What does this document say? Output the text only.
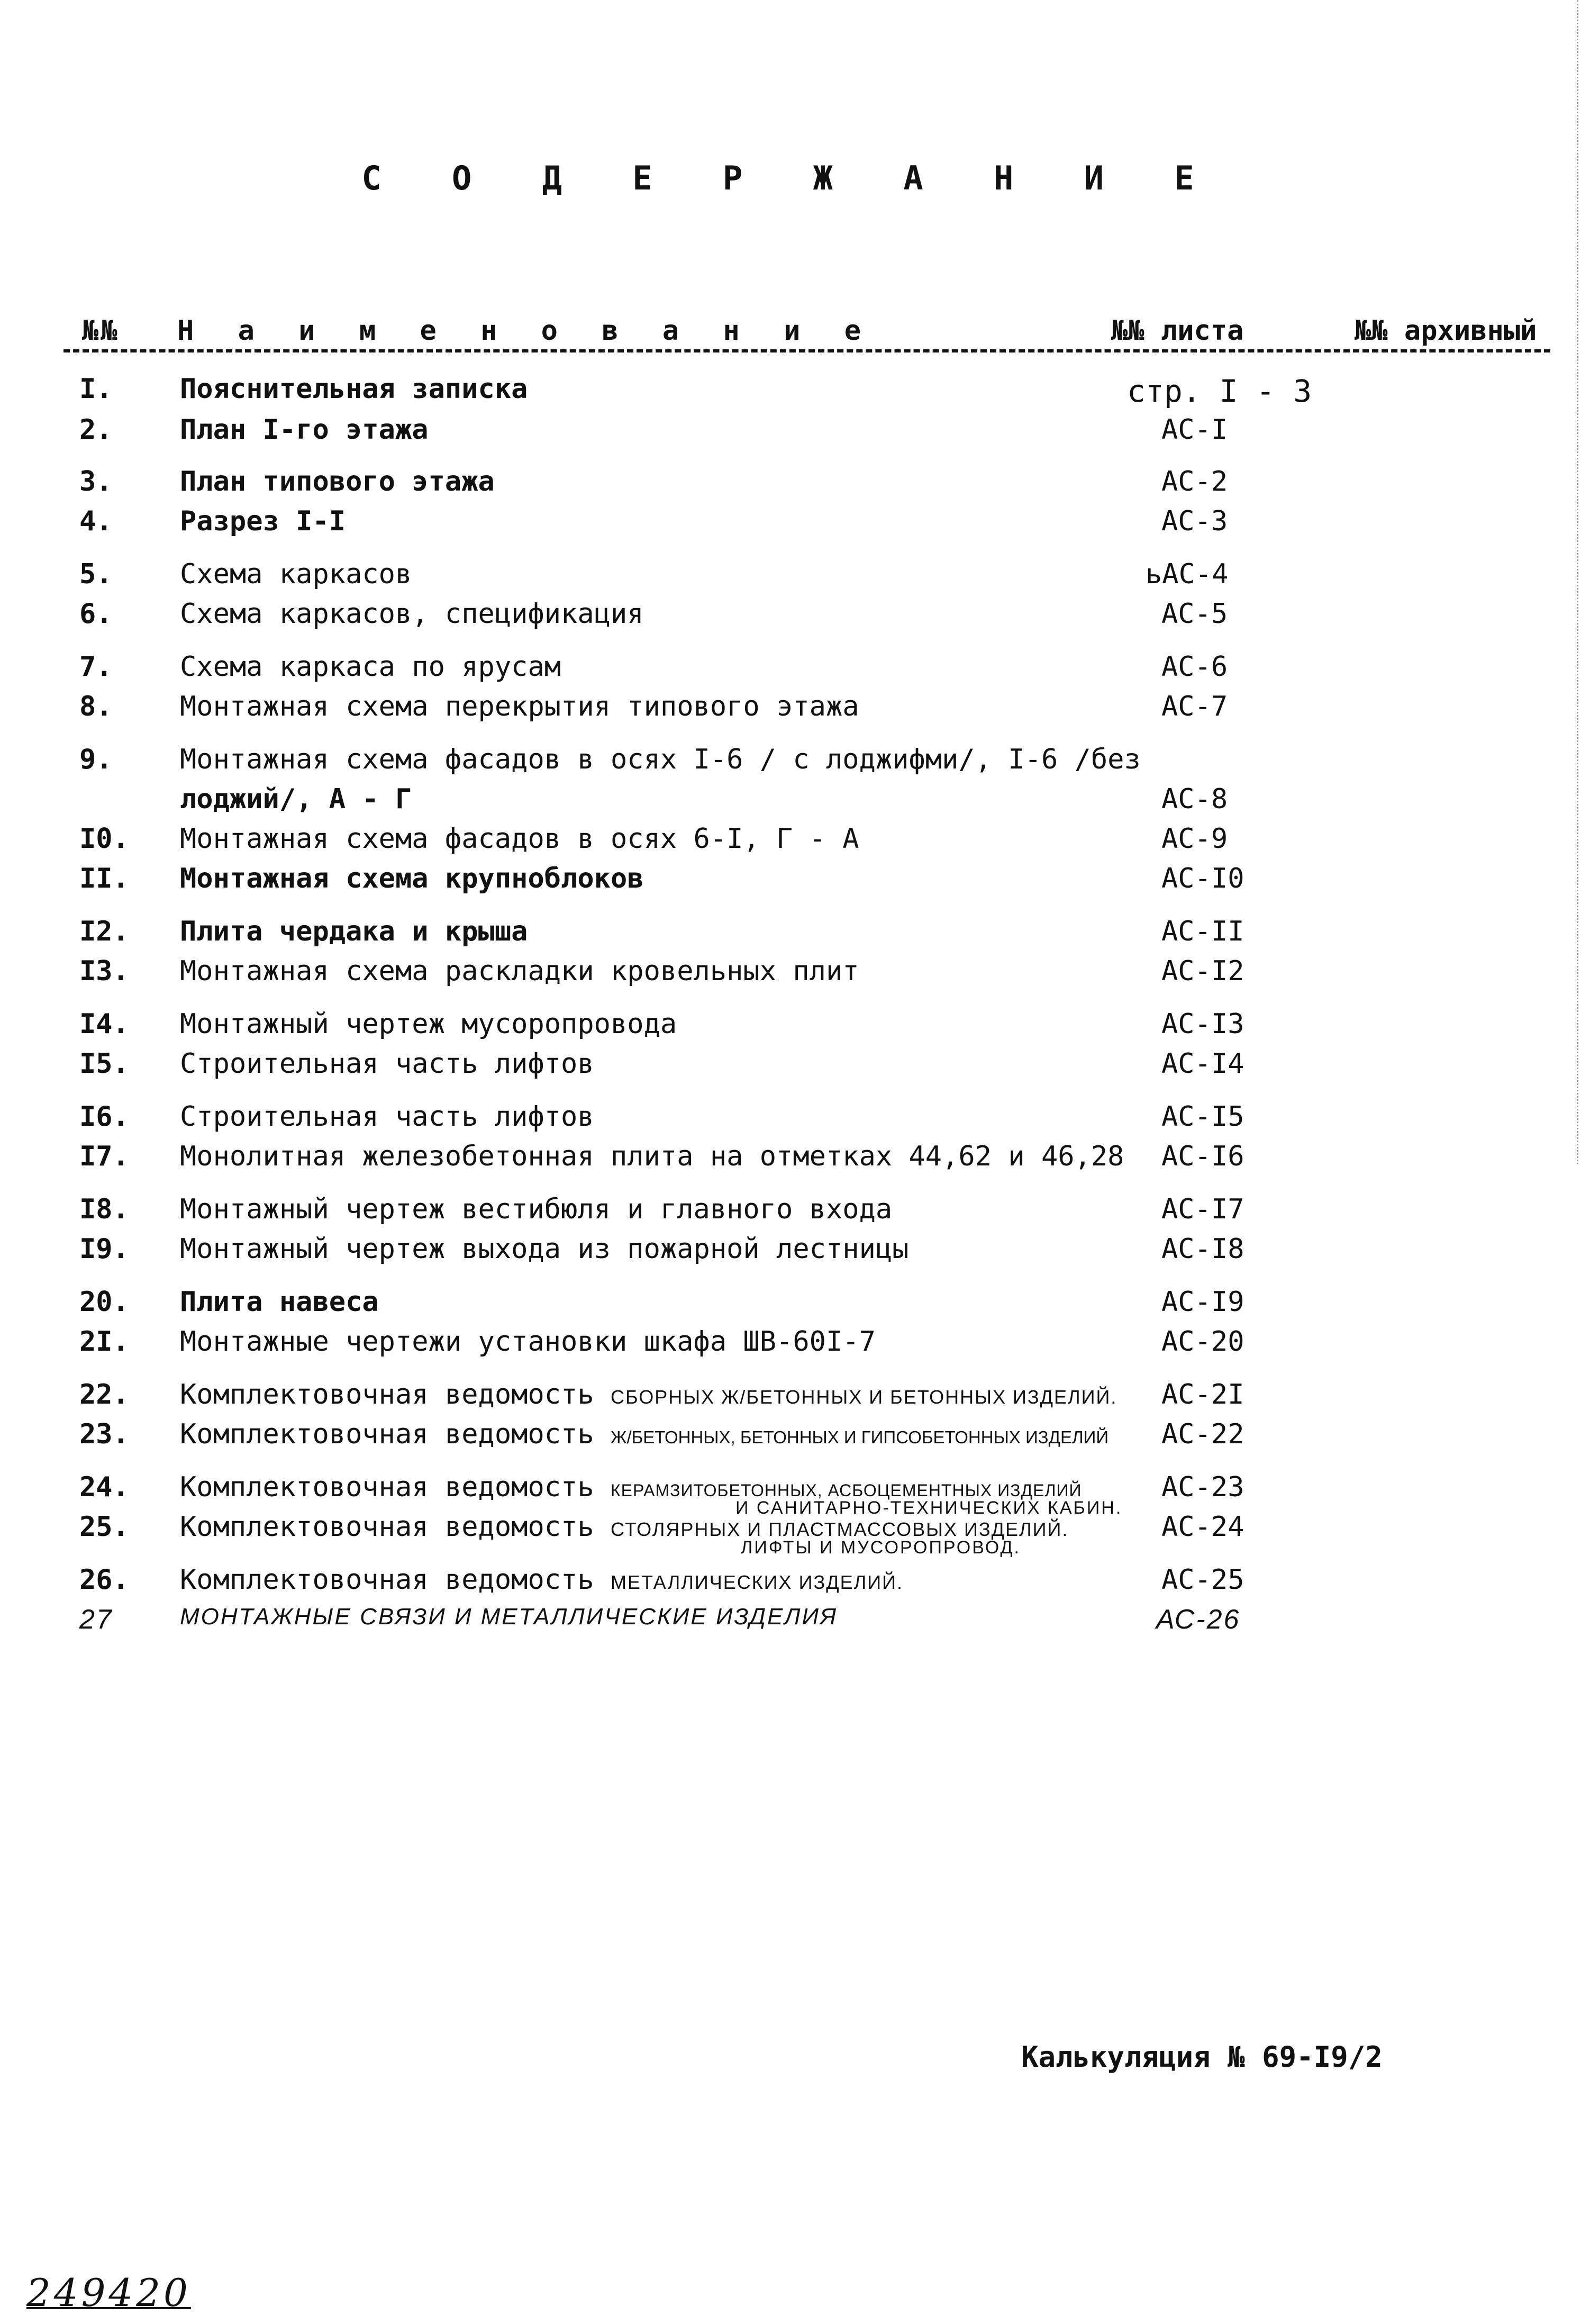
С О Д Е Р Ж А Н И Е
№№ Н а и м е н о в а н и е	№№ листа	№№ архивный
I.	Пояснительная записка	стр. I - 3
2.	План I-го этажа	АС-I
3.	План типового этажа	АС-2
4.	Разрез I-I	АС-3
5.	Схема каркасов	ьАС-4
6.	Схема каркасов, спецификация	АС-5
7.	Схема каркаса по ярусам	АС-6
8.	Монтажная схема перекрытия типового этажа	АС-7
9.	Монтажная схема фасадов в осях I-6 / с лоджифми/, I-6 /без
лоджий/, А - Г	АС-8
I0.	Монтажная схема фасадов в осях 6-I, Г - А	АС-9
II.	Монтажная схема крупноблоков	АС-I0
I2.	Плита чердака и крыша	АС-II
I3.	Монтажная схема раскладки кровельных плит	АС-I2
I4.	Монтажный чертеж мусоропровода	АС-I3
I5.	Строительная часть лифтов	АС-I4
I6.	Строительная часть лифтов	АС-I5
I7.	Монолитная железобетонная плита на отметках 44,62 и 46,28 АС-I6
I8.	Монтажный чертеж вестибюля и главного входа	АС-I7
I9.	Монтажный чертеж выхода из пожарной лестницы	АС-I8
20.	Плита навеса	АС-I9
2I.	Монтажные чертежи установки шкафа ШВ-60I-7	АС-20
22.	Комплектовочная ведомость СБОРНЫХ Ж/БЕТОННЫХ И БЕТОННЫХ ИЗДЕЛИЙ. АС-2I
23.	Комплектовочная ведомость Ж/БЕТОННЫХ, БЕТОННЫХ И ГИПСОБЕТОННЫХ ИЗДЕЛИЙ АС-22
24.	Комплектовочная ведомость КЕРАМЗИТОБЕТОННЫХ, АСБОЦЕМЕНТНЫХ ИЗДЕЛИЙ	АС-23
И САНИТАРНО-ТЕХНИЧЕСКИХ КАБИН.
25.	Комплектовочная ведомость СТОЛЯРНЫХ И ПЛАСТМАССОВЫХ ИЗДЕЛИЙ.	АС-24
ЛИФТЫ И МУСОРОПРОВОД.
26.	Комплектовочная ведомость МЕТАЛЛИЧЕСКИХ ИЗДЕЛИЙ.	АС-25
27	МОНТАЖНЫЕ СВЯЗИ И МЕТАЛЛИЧЕСКИЕ ИЗДЕЛИЯ	АС-26
Калькуляция № 69-I9/2
249420
